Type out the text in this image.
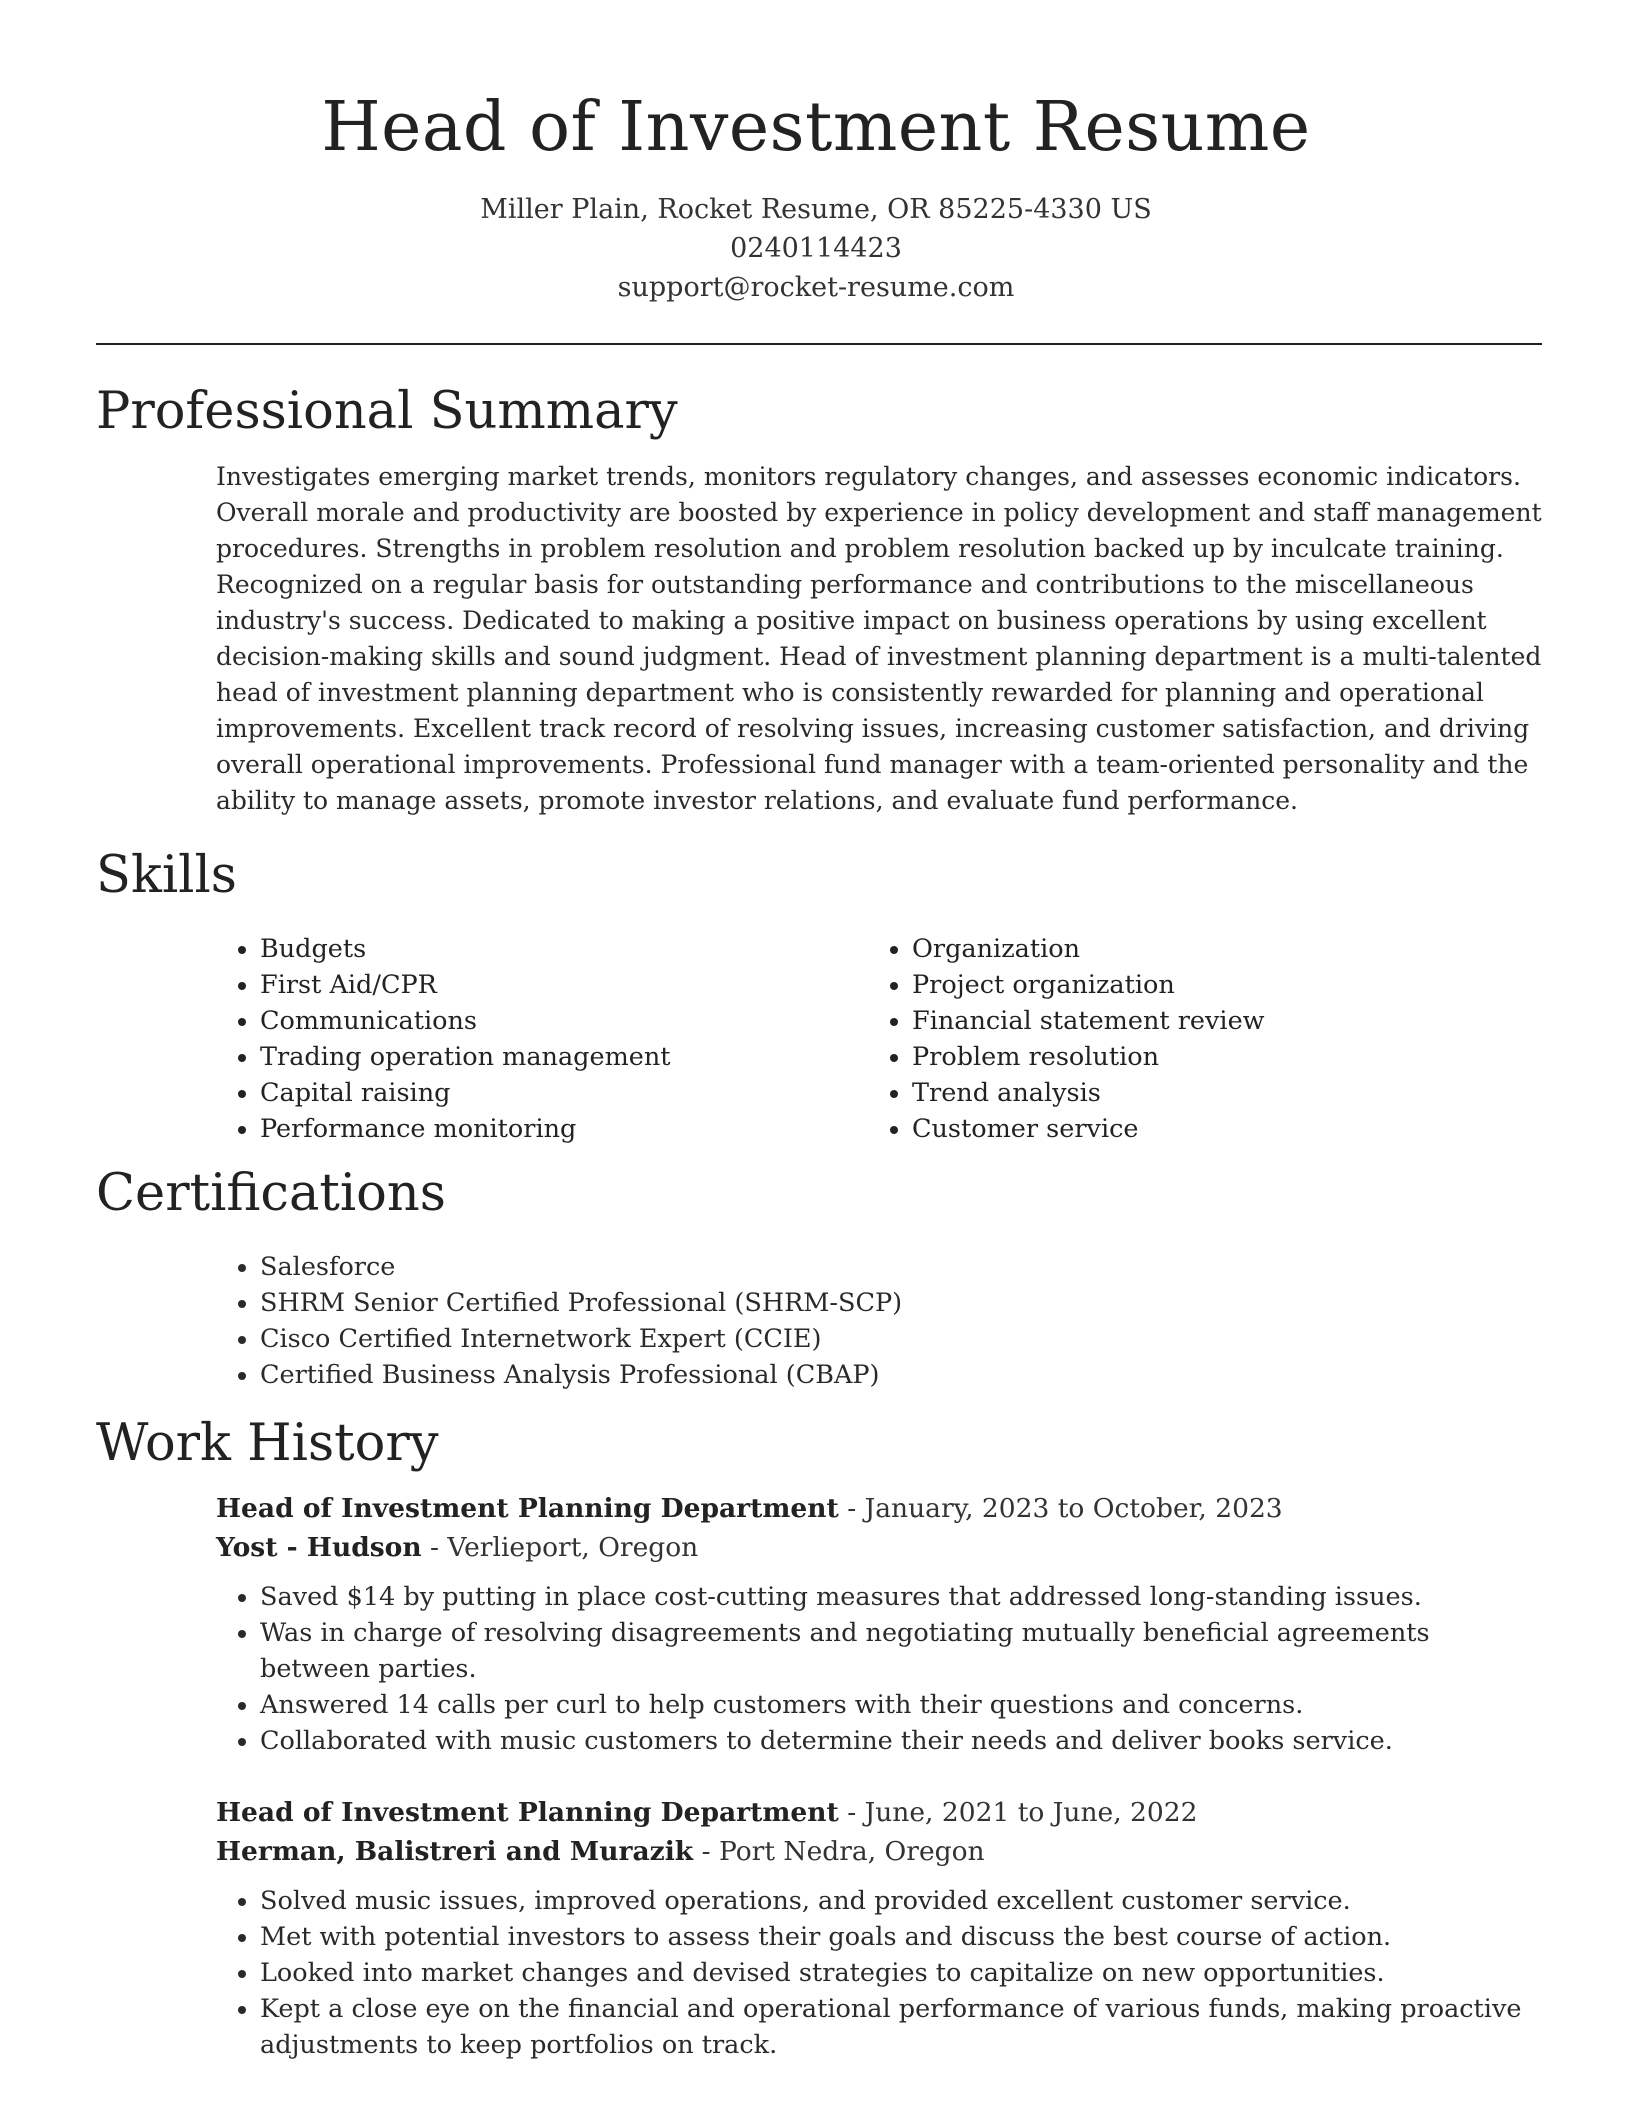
Head of Investment Resume
Miller Plain, Rocket Resume, OR 85225-4330 US
0240114423
support@rocket-resume.com
Professional Summary

Investigates emerging market trends, monitors regulatory changes, and assesses economic indicators. Overall morale and productivity are boosted by experience in policy development and staff management procedures. Strengths in problem resolution and problem resolution backed up by inculcate training. Recognized on a regular basis for outstanding performance and contributions to the miscellaneous industry's success. Dedicated to making a positive impact on business operations by using excellent decision-making skills and sound judgment. Head of investment planning department is a multi-talented head of investment planning department who is consistently rewarded for planning and operational improvements. Excellent track record of resolving issues, increasing customer satisfaction, and driving overall operational improvements. Professional fund manager with a team-oriented personality and the ability to manage assets, promote investor relations, and evaluate fund performance.

Skills
• Budgets
• First Aid/CPR
• Communications
• Trading operation management
• Capital raising
• Performance monitoring
• Organization
• Project organization
• Financial statement review
• Problem resolution
• Trend analysis
• Customer service
Certifications
• Salesforce
• SHRM Senior Certified Professional (SHRM-SCP)
• Cisco Certified Internetwork Expert (CCIE)
• Certified Business Analysis Professional (CBAP)
Work History
Head of Investment Planning Department - January, 2023 to October, 2023
Yost - Hudson - Verlieport, Oregon
• Saved $14 by putting in place cost-cutting measures that addressed long-standing issues.
• Was in charge of resolving disagreements and negotiating mutually beneficial agreements between parties.
• Answered 14 calls per curl to help customers with their questions and concerns.
• Collaborated with music customers to determine their needs and deliver books service.
Head of Investment Planning Department - June, 2021 to June, 2022
Herman, Balistreri and Murazik - Port Nedra, Oregon
• Solved music issues, improved operations, and provided excellent customer service.
• Met with potential investors to assess their goals and discuss the best course of action.
• Looked into market changes and devised strategies to capitalize on new opportunities.
• Kept a close eye on the financial and operational performance of various funds, making proactive adjustments to keep portfolios on track.
